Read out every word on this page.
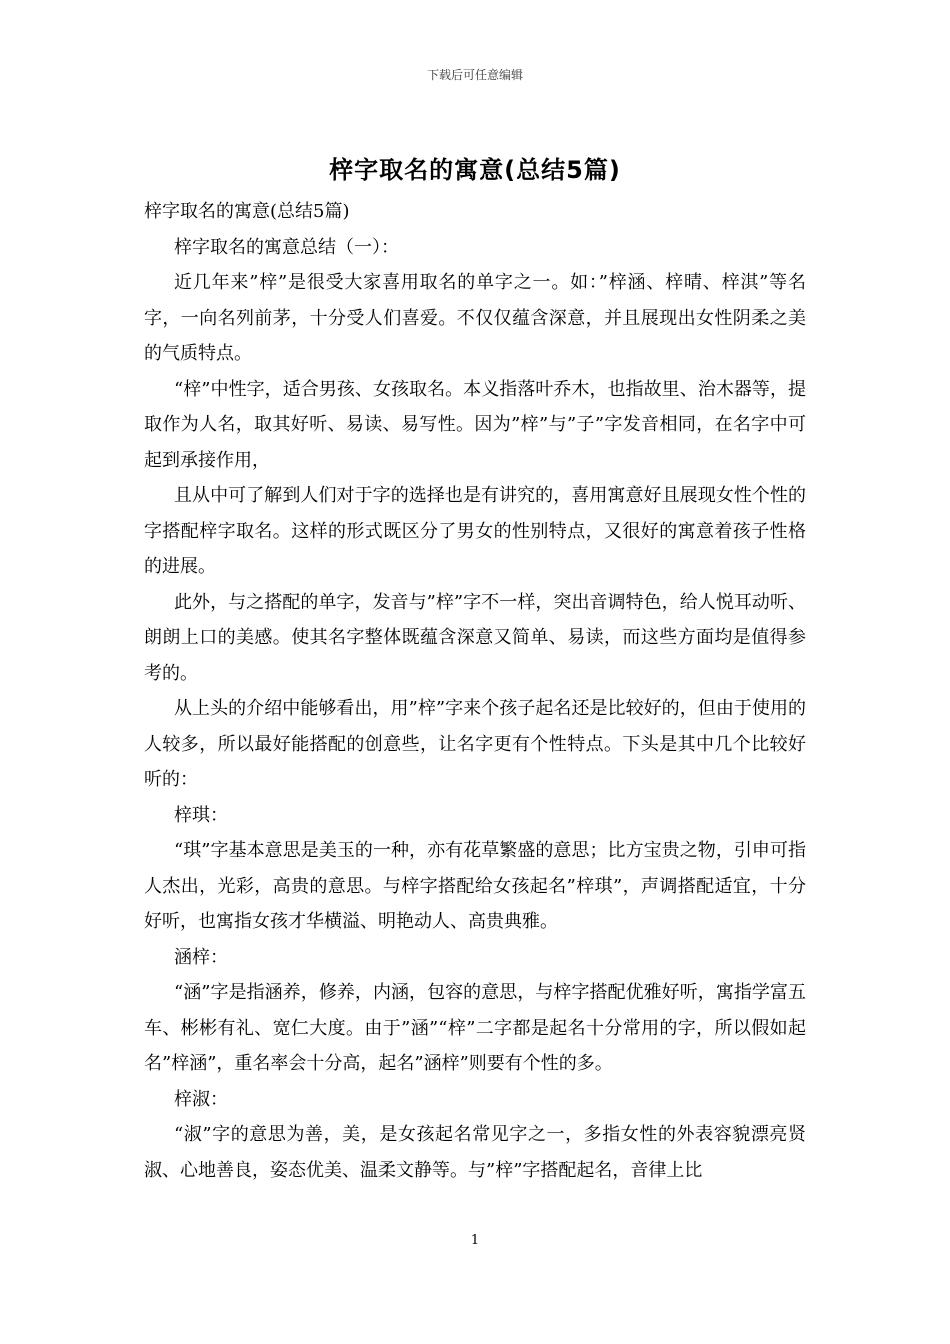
下载后可任意编辑
梓字取名的寓意(总结5篇)

梓字取名的寓意(总结5篇)

梓字取名的寓意总结（一）：

近几年来”梓”是很受大家喜用取名的单字之一。如：”梓涵、梓晴、梓淇”等名字，一向名列前茅，十分受人们喜爱。不仅仅蕴含深意，并且展现出女性阴柔之美的气质特点。

“梓”中性字，适合男孩、女孩取名。本义指落叶乔木，也指故里、治木器等，提取作为人名，取其好听、易读、易写性。因为”梓”与”子”字发音相同，在名字中可起到承接作用，

且从中可了解到人们对于字的选择也是有讲究的，喜用寓意好且展现女性个性的字搭配梓字取名。这样的形式既区分了男女的性别特点，又很好的寓意着孩子性格的进展。

此外，与之搭配的单字，发音与”梓”字不一样，突出音调特色，给人悦耳动听、朗朗上口的美感。使其名字整体既蕴含深意又简单、易读，而这些方面均是值得参考的。

从上头的介绍中能够看出，用”梓”字来个孩子起名还是比较好的，但由于使用的人较多，所以最好能搭配的创意些，让名字更有个性特点。下头是其中几个比较好听的：

梓琪：

“琪”字基本意思是美玉的一种，亦有花草繁盛的意思；比方宝贵之物，引申可指人杰出，光彩，高贵的意思。与梓字搭配给女孩起名”梓琪”，声调搭配适宜，十分好听，也寓指女孩才华横溢、明艳动人、高贵典雅。

涵梓：

“涵”字是指涵养，修养，内涵，包容的意思，与梓字搭配优雅好听，寓指学富五车、彬彬有礼、宽仁大度。由于”涵”“梓”二字都是起名十分常用的字，所以假如起名”梓涵”，重名率会十分高，起名”涵梓”则要有个性的多。

梓淑：

“淑”字的意思为善，美，是女孩起名常见字之一，多指女性的外表容貌漂亮贤淑、心地善良，姿态优美、温柔文静等。与”梓”字搭配起名，音律上比

1
